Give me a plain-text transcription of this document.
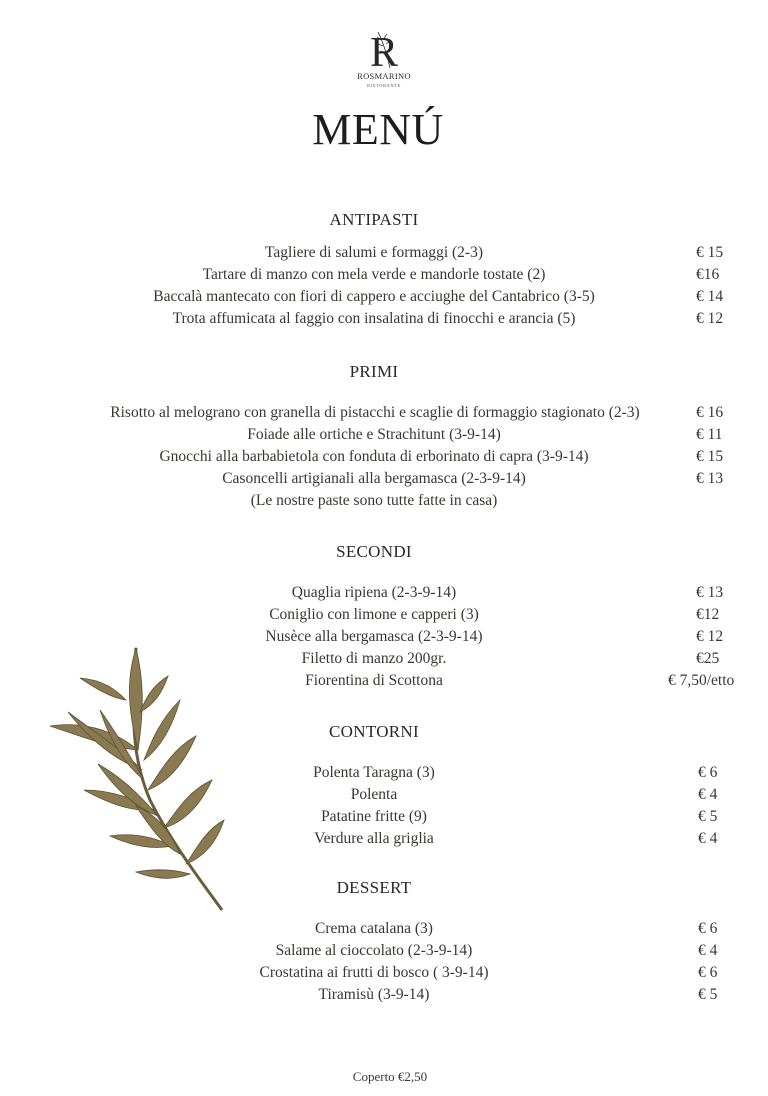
R
ROSMARINO
RISTORANTE
MENÚ
ANTIPASTI
Tagliere di salumi e formaggi (2-3)	€ 15
Tartare di manzo con mela verde e mandorle tostate (2)	€16
Baccalà mantecato con fiori di cappero e acciughe del Cantabrico (3-5)	€ 14
Trota affumicata al faggio con insalatina di finocchi e arancia (5)	€ 12
PRIMI
Risotto al melograno con granella di pistacchi e scaglie di formaggio stagionato (2-3)	€ 16
Foiade alle ortiche e Strachitunt (3-9-14)	€ 11
Gnocchi alla barbabietola con fonduta di erborinato di capra (3-9-14)	€ 15
Casoncelli artigianali alla bergamasca (2-3-9-14)	€ 13
(Le nostre paste sono tutte fatte in casa)
SECONDI
Quaglia ripiena (2-3-9-14)	€ 13
Coniglio con limone e capperi (3)	€12
Nusèce alla bergamasca (2-3-9-14)	€ 12
Filetto di manzo 200gr.	€25
Fiorentina di Scottona	€ 7,50/etto
CONTORNI
Polenta Taragna (3)	€ 6
Polenta	€ 4
Patatine fritte (9)	€ 5
Verdure alla griglia	€ 4
DESSERT
Crema catalana (3)	€ 6
Salame al cioccolato (2-3-9-14)	€ 4
Crostatina ai frutti di bosco ( 3-9-14)	€ 6
Tiramisù (3-9-14)	€ 5
Coperto €2,50
